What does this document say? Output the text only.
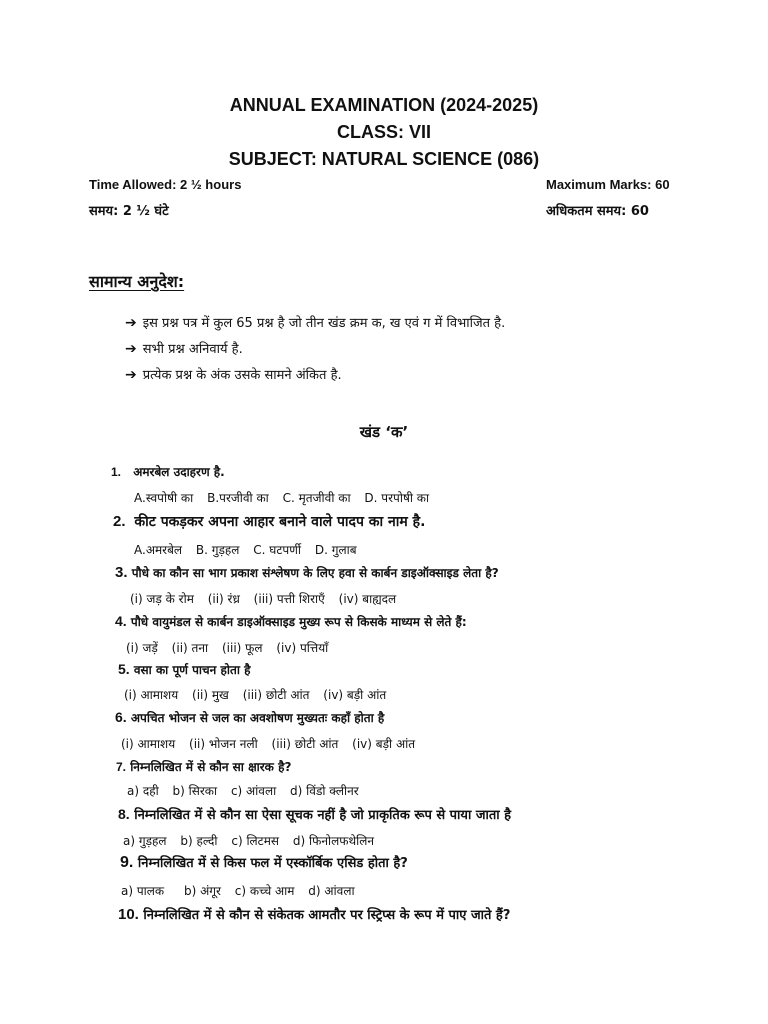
ANNUAL EXAMINATION (2024-2025)
CLASS: VII
SUBJECT: NATURAL SCIENCE (086)
Time Allowed: 2 ½ hours	Maximum Marks: 60
समय: 2 ½ घंटे	अधिकतम समय: 60
सामान्य अनुदेश:
➔ इस प्रश्न पत्र में कुल 65 प्रश्न है जो तीन खंड क्रम क, ख एवं ग में विभाजित है.
➔ सभी प्रश्न अनिवार्य है.
➔ प्रत्येक प्रश्न के अंक उसके सामने अंकित है.
खंड ‘क’
1. अमरबेल उदाहरण है.
A.स्वपोषी का B.परजीवी का C. मृतजीवी का D. परपोषी का
2. कीट पकड़कर अपना आहार बनाने वाले पादप का नाम है.
A.अमरबेल B. गुड़हल C. घटपर्णी D. गुलाब
3. पौधे का कौन सा भाग प्रकाश संश्लेषण के लिए हवा से कार्बन डाइऑक्साइड लेता है?
(i) जड़ के रोम (ii) रंध्र (iii) पत्ती शिराएँ (iv) बाह्यदल
4. पौधे वायुमंडल से कार्बन डाइऑक्साइड मुख्य रूप से किसके माध्यम से लेते हैं:
(i) जड़ें (ii) तना (iii) फूल (iv) पत्तियाँ
5. वसा का पूर्ण पाचन होता है
(i) आमाशय (ii) मुख (iii) छोटी आंत (iv) बड़ी आंत
6. अपचित भोजन से जल का अवशोषण मुख्यतः कहाँ होता है
(i) आमाशय (ii) भोजन नली (iii) छोटी आंत (iv) बड़ी आंत
7. निम्नलिखित में से कौन सा क्षारक है?
a) दही b) सिरका c) आंवला d) विंडो क्लीनर
8. निम्नलिखित में से कौन सा ऐसा सूचक नहीं है जो प्राकृतिक रूप से पाया जाता है
a) गुड़हल b) हल्दी c) लिटमस d) फिनोलफथेलिन
9. निम्नलिखित में से किस फल में एस्कॉर्बिक एसिड होता है?
a) पालक b) अंगूर c) कच्चे आम d) आंवला
10. निम्नलिखित में से कौन से संकेतक आमतौर पर स्ट्रिप्स के रूप में पाए जाते हैं?
